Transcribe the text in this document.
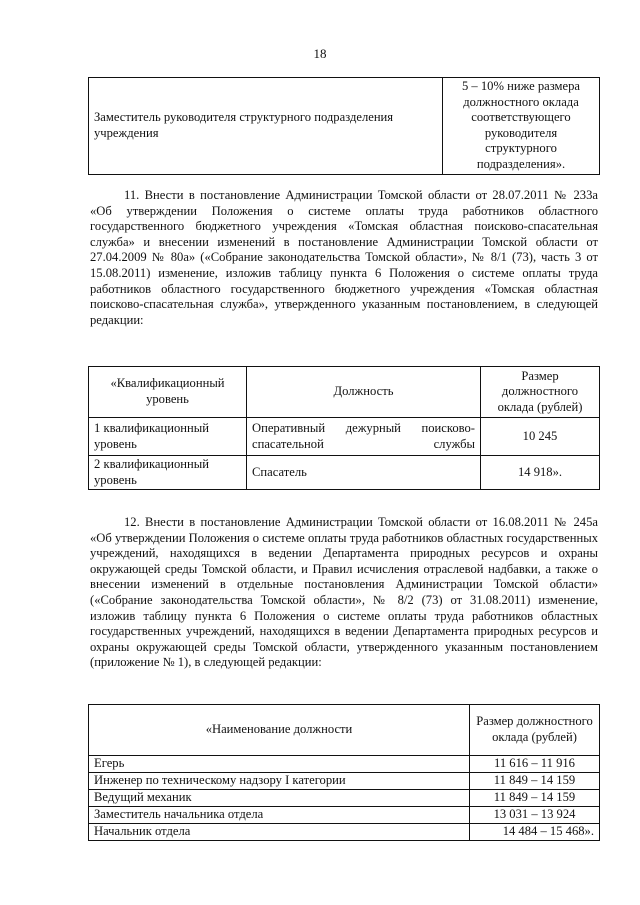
18
Заместитель руководителя структурного подразделения учреждения	5 – 10% ниже размера
должностного оклада
соответствующего
руководителя
структурного
подразделения».
11. Внести в постановление Администрации Томской области от 28.07.2011 № 233а «Об утверждении Положения о системе оплаты труда работников областного государственного бюджетного учреждения «Томская областная поисково-спасательная служба» и внесении изменений в постановление Администрации Томской области от 27.04.2009 № 80а» («Собрание законодательства Томской области», № 8/1 (73), часть 3 от 15.08.2011) изменение, изложив таблицу пункта 6 Положения о системе оплаты труда работников областного государственного бюджетного учреждения «Томская областная поисково-спасательная служба», утвержденного указанным постановлением, в следующей редакции:
«Квалификационный уровень	Должность	Размер должностного оклада (рублей)
1 квалификационный уровень	Оперативный дежурный поисково-спасательной службы	10 245
2 квалификационный уровень	Спасатель	14 918».
12. Внести в постановление Администрации Томской области от 16.08.2011 № 245а «Об утверждении Положения о системе оплаты труда работников областных государственных учреждений, находящихся в ведении Департамента природных ресурсов и охраны окружающей среды Томской области, и Правил исчисления отраслевой надбавки, а также о внесении изменений в отдельные постановления Администрации Томской области» («Собрание законодательства Томской области», № 8/2 (73) от 31.08.2011) изменение, изложив таблицу пункта 6 Положения о системе оплаты труда работников областных государственных учреждений, находящихся в ведении Департамента природных ресурсов и охраны окружающей среды Томской области, утвержденного указанным постановлением (приложение № 1), в следующей редакции:
«Наименование должности	Размер должностного оклада (рублей)
Егерь	11 616 – 11 916
Инженер по техническому надзору I категории	11 849 – 14 159
Ведущий механик	11 849 – 14 159
Заместитель начальника отдела	13 031 – 13 924
Начальник отдела	14 484 – 15 468».
